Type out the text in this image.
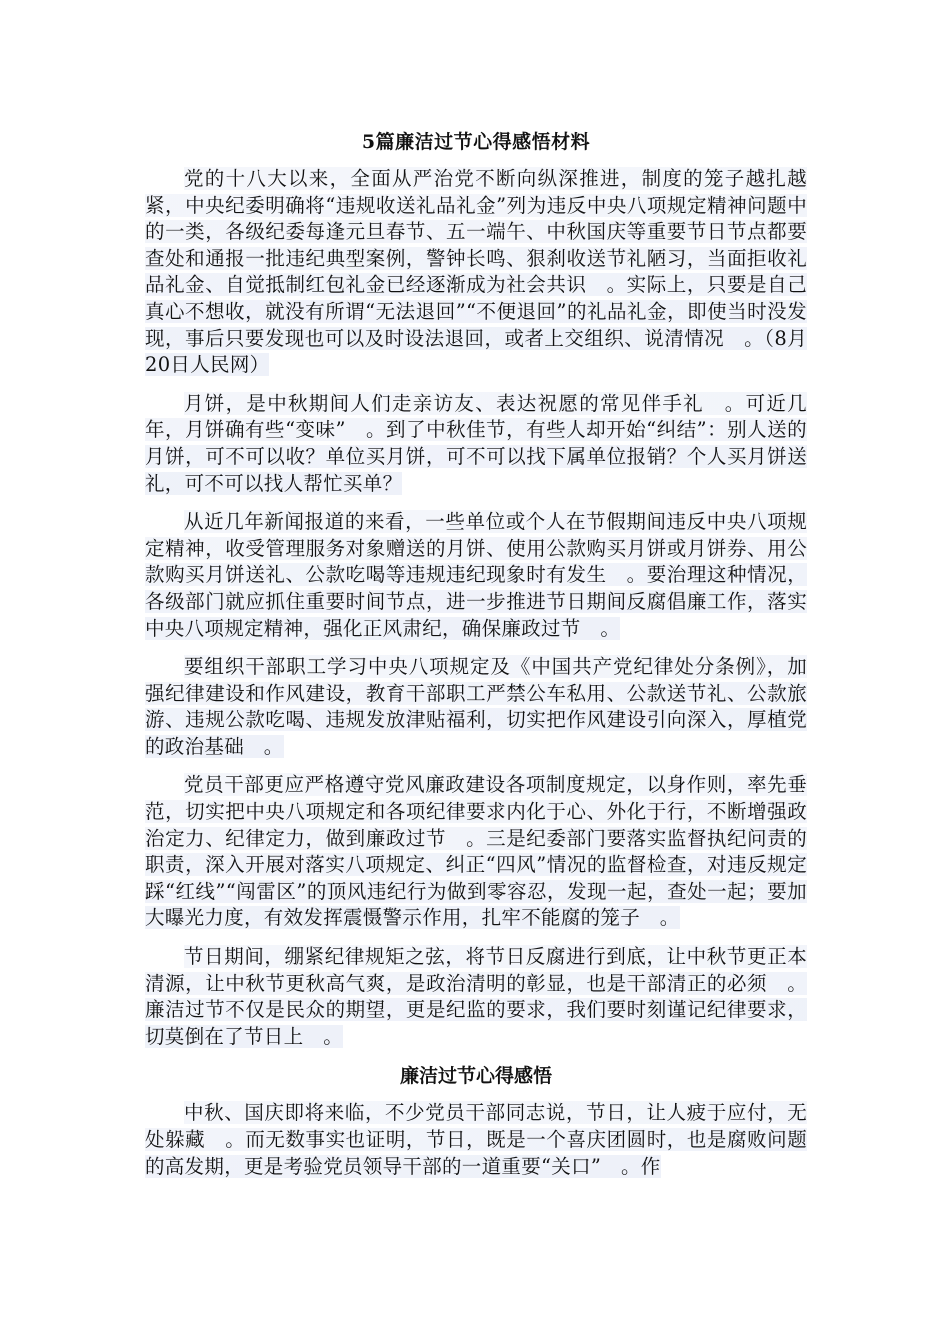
5篇廉洁过节心得感悟材料

党的十八大以来，全面从严治党不断向纵深推进，制度的笼子越扎越紧，中央纪委明确将“违规收送礼品礼金”列为违反中央八项规定精神问题中的一类，各级纪委每逢元旦春节、五一端午、中秋国庆等重要节日节点都要查处和通报一批违纪典型案例，警钟长鸣、狠刹收送节礼陋习，当面拒收礼品礼金、自觉抵制红包礼金已经逐渐成为社会共识　。实际上，只要是自己真心不想收，就没有所谓“无法退回”“不便退回”的礼品礼金，即使当时没发现，事后只要发现也可以及时设法退回，或者上交组织、说清情况　。（8月20日人民网）

月饼，是中秋期间人们走亲访友、表达祝愿的常见伴手礼　。可近几年，月饼确有些“变味”　。到了中秋佳节，有些人却开始“纠结”：别人送的月饼，可不可以收？单位买月饼，可不可以找下属单位报销？个人买月饼送礼，可不可以找人帮忙买单？

从近几年新闻报道的来看，一些单位或个人在节假期间违反中央八项规定精神，收受管理服务对象赠送的月饼、使用公款购买月饼或月饼券、用公款购买月饼送礼、公款吃喝等违规违纪现象时有发生　。要治理这种情况，各级部门就应抓住重要时间节点，进一步推进节日期间反腐倡廉工作，落实中央八项规定精神，强化正风肃纪，确保廉政过节　。

要组织干部职工学习中央八项规定及《中国共产党纪律处分条例》，加强纪律建设和作风建设，教育干部职工严禁公车私用、公款送节礼、公款旅游、违规公款吃喝、违规发放津贴福利，切实把作风建设引向深入，厚植党的政治基础　。

党员干部更应严格遵守党风廉政建设各项制度规定，以身作则，率先垂范，切实把中央八项规定和各项纪律要求内化于心、外化于行，不断增强政治定力、纪律定力，做到廉政过节　。三是纪委部门要落实监督执纪问责的职责，深入开展对落实八项规定、纠正“四风”情况的监督检查，对违反规定踩“红线”“闯雷区”的顶风违纪行为做到零容忍，发现一起，查处一起；要加大曝光力度，有效发挥震慑警示作用，扎牢不能腐的笼子　。

节日期间，绷紧纪律规矩之弦，将节日反腐进行到底，让中秋节更正本清源，让中秋节更秋高气爽，是政治清明的彰显，也是干部清正的必须　。廉洁过节不仅是民众的期望，更是纪监的要求，我们要时刻谨记纪律要求，切莫倒在了节日上　。

廉洁过节心得感悟

中秋、国庆即将来临，不少党员干部同志说，节日，让人疲于应付，无处躲藏　。而无数事实也证明，节日，既是一个喜庆团圆时，也是腐败问题的高发期，更是考验党员领导干部的一道重要“关口”　。作
